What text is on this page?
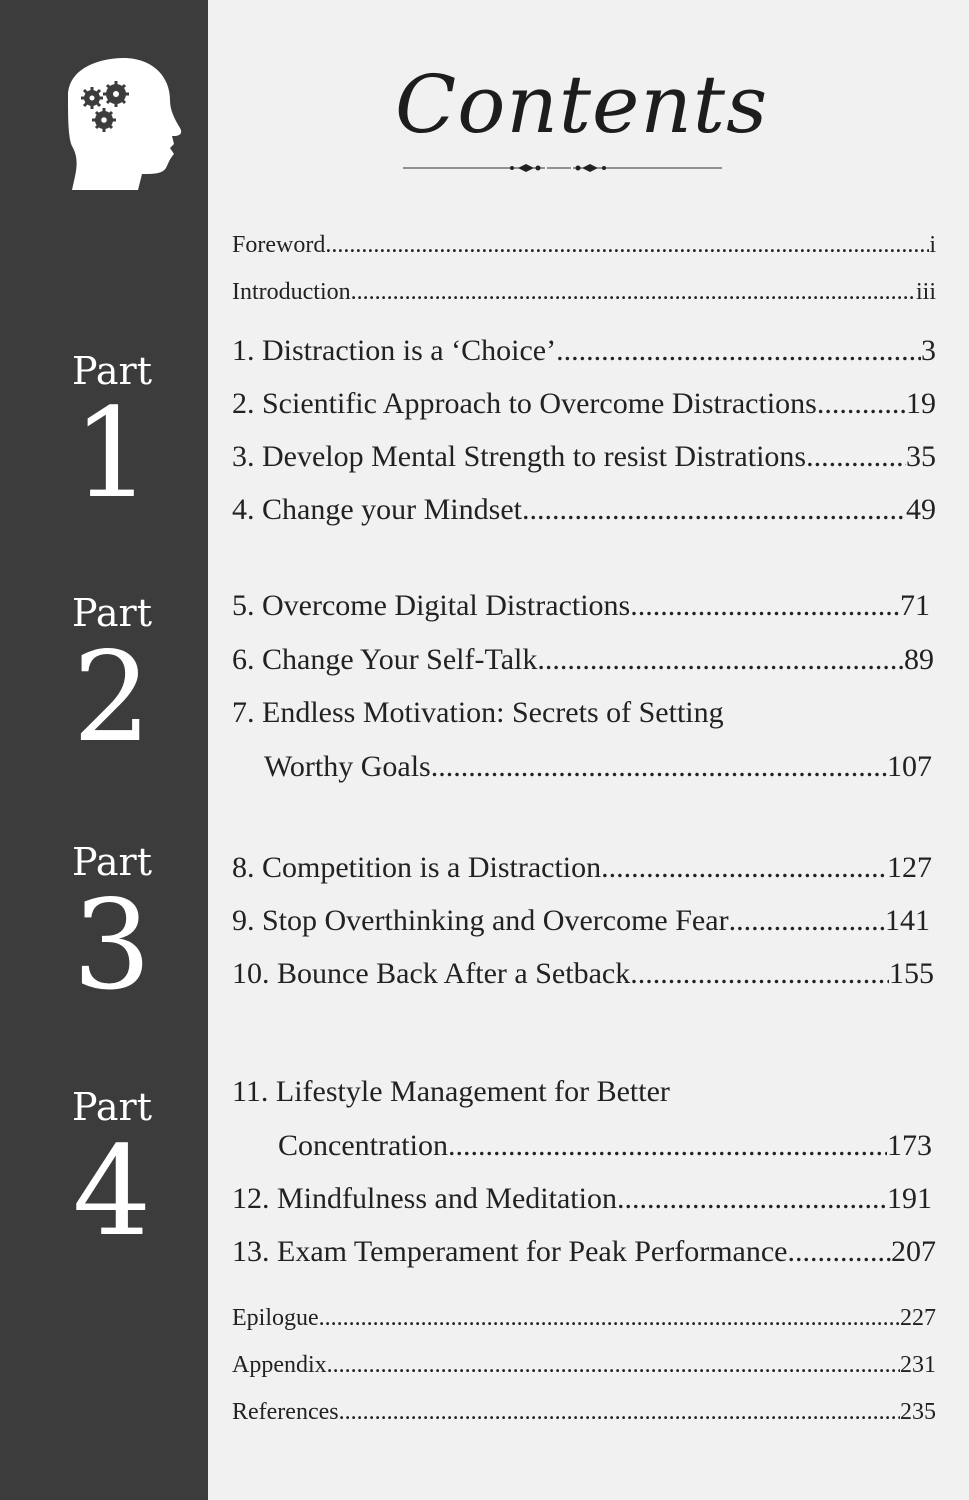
Part
1
Part
2
Part
3
Part
4
Contents
Foreword .....	i
Introduction .....	iii
1. Distraction is a ‘Choice’ .....	3
2. Scientific Approach to Overcome Distractions .....	19
3. Develop Mental Strength to resist Distrations .....	35
4. Change your Mindset .....	49
5. Overcome Digital Distractions .....	71
6. Change Your Self-Talk .....	89
7. Endless Motivation: Secrets of Setting
Worthy Goals .....	107
8. Competition is a Distraction .....	127
9. Stop Overthinking and Overcome Fear .....	141
10. Bounce Back After a Setback .....	155
11. Lifestyle Management for Better
Concentration .....	173
12. Mindfulness and Meditation .....	191
13. Exam Temperament for Peak Performance .....	207
Epilogue .....	227
Appendix .....	231
References .....	235
